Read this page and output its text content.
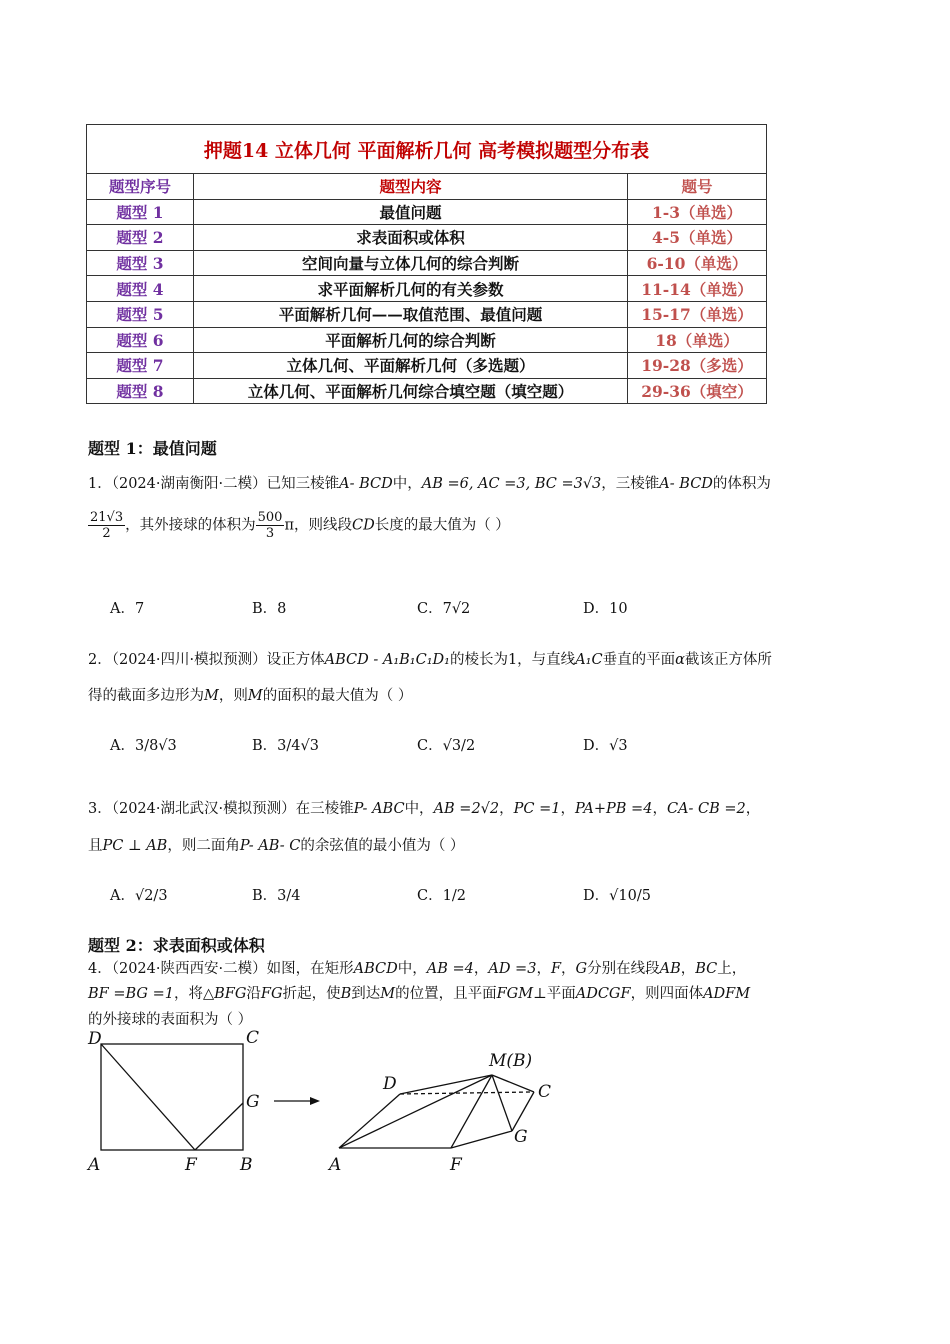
押题14 立体几何 平面解析几何 高考模拟题型分布表		
题型序号	题型内容	题号
题型 1	最值问题	1-3（单选）
题型 2	求表面积或体积	4-5（单选）
题型 3	空间向量与立体几何的综合判断	6-10（单选）
题型 4	求平面解析几何的有关参数	11-14（单选）
题型 5	平面解析几何——取值范围、最值问题	15-17（单选）
题型 6	平面解析几何的综合判断	18（单选）
题型 7	立体几何、平面解析几何（多选题）	19-28（多选）
题型 8	立体几何、平面解析几何综合填空题（填空题）	29-36（填空）
题型 1：最值问题
1．（2024·湖南衡阳·二模）已知三棱锥A- BCD中，AB =6, AC =3, BC =3√3，三棱锥A- BCD的体积为
$\frac{21√3}{2}$ ，其外接球的体积为 $\frac{500}{3}$ π，则线段CD长度的最大值为（ ）
A．7	B．8	C．7√2	D．10
2．（2024·四川·模拟预测）设正方体ABCD - A₁B₁C₁D₁的棱长为1，与直线A₁C垂直的平面α截该正方体所
得的截面多边形为M，则M的面积的最大值为（ ）
A．3/8√3	B．3/4√3	C．√3/2	D．√3
3．（2024·湖北武汉·模拟预测）在三棱锥P- ABC中，AB =2√2，PC =1，PA+PB =4，CA- CB =2，
且PC ⊥ AB，则二面角P- AB- C的余弦值的最小值为（ ）
A．√2/3	B．3/4	C．1/2	D．√10/5
题型 2：求表面积或体积
4．（2024·陕西西安·二模）如图，在矩形ABCD中，AB =4，AD =3，F，G分别在线段AB，BC上，
BF =BG =1，将△BFG沿FG折起，使B到达M的位置，且平面FGM⊥平面ADCGF，则四面体ADFM
的外接球的表面积为（ ）
D	C
G
A	F	B
D
M(B)
C
G
A	F
